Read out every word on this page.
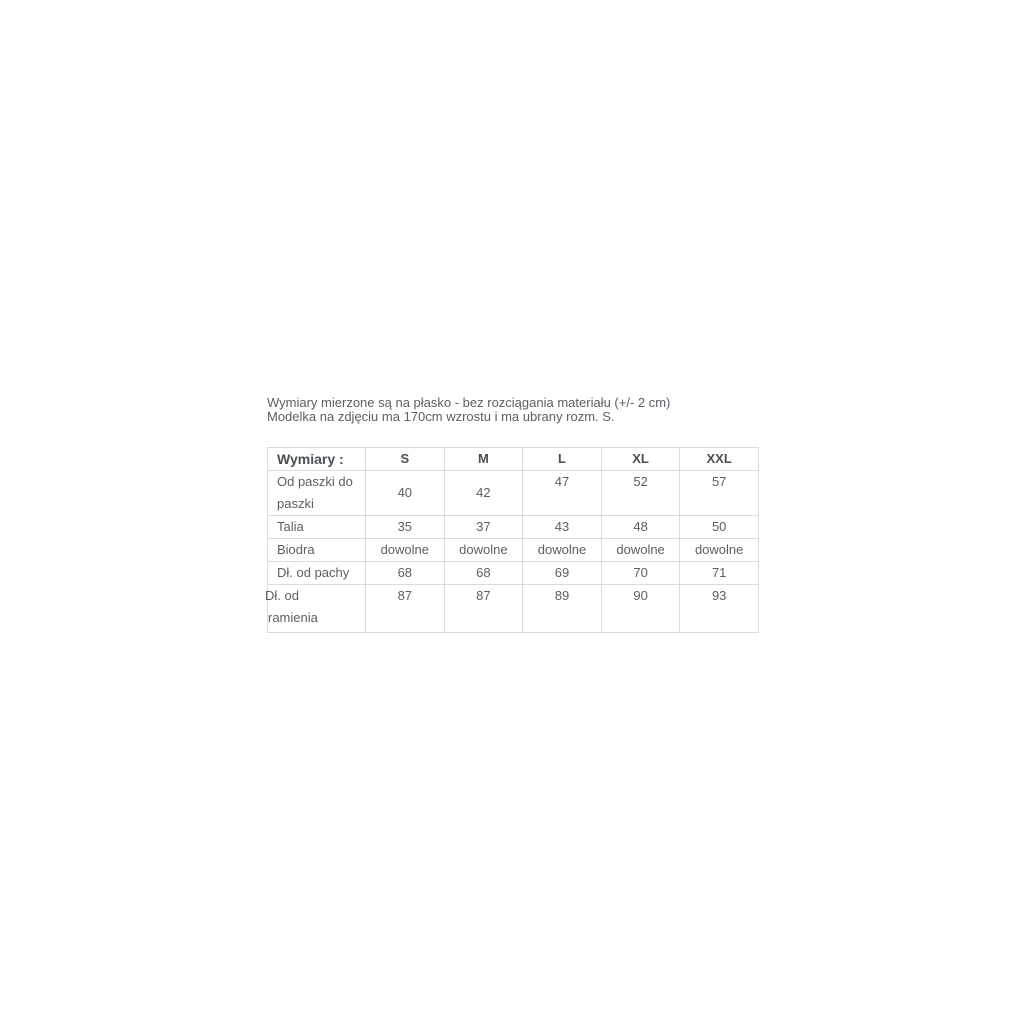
Wymiary mierzone są na płasko - bez rozciągania materiału (+/- 2 cm)
Modelka na zdjęciu ma 170cm wzrostu i ma ubrany rozm. S.
Wymiary :	S	M	L	XL	XXL
Od paszki do paszki	40	42	47	52	57
Talia	35	37	43	48	50
Biodra	dowolne	dowolne	dowolne	dowolne	dowolne
Dł. od pachy	68	68	69	70	71
Dł. od ramienia	87	87	89	90	93
